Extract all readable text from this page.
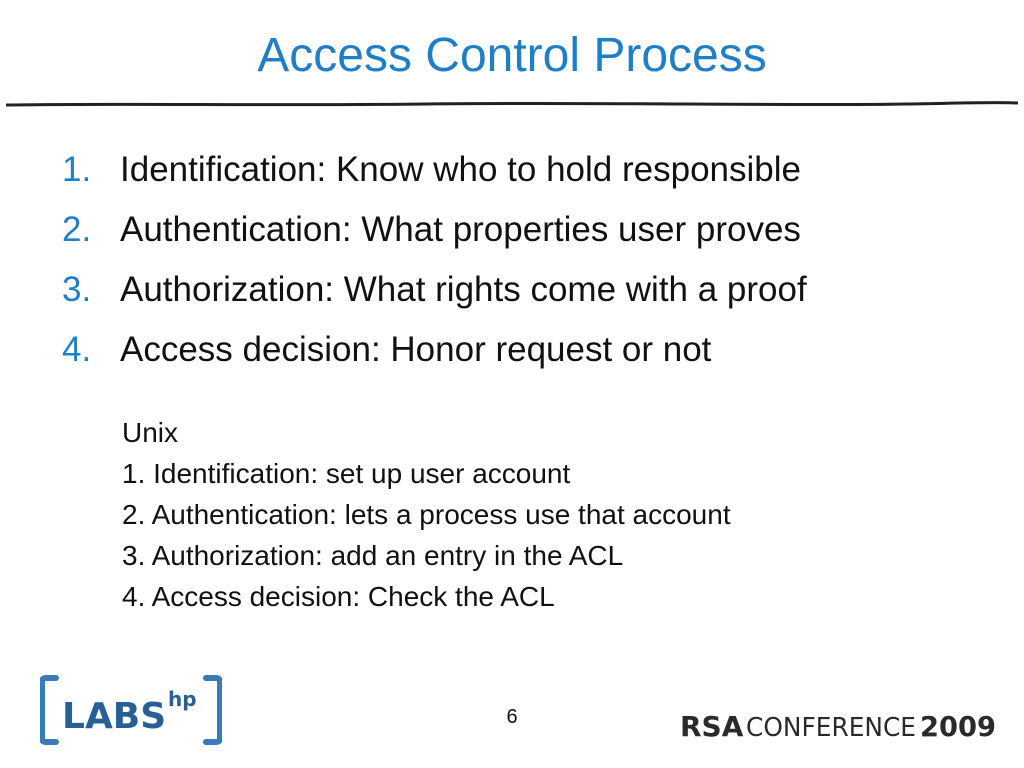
Access Control Process
1. Identification: Know who to hold responsible
2. Authentication: What properties user proves
3. Authorization: What rights come with a proof
4. Access decision: Honor request or not
Unix
1. Identification: set up user account
2. Authentication: lets a process use that account
3. Authorization: add an entry in the ACL
4. Access decision: Check the ACL
LABS hp
6	RSA CONFERENCE 2009
